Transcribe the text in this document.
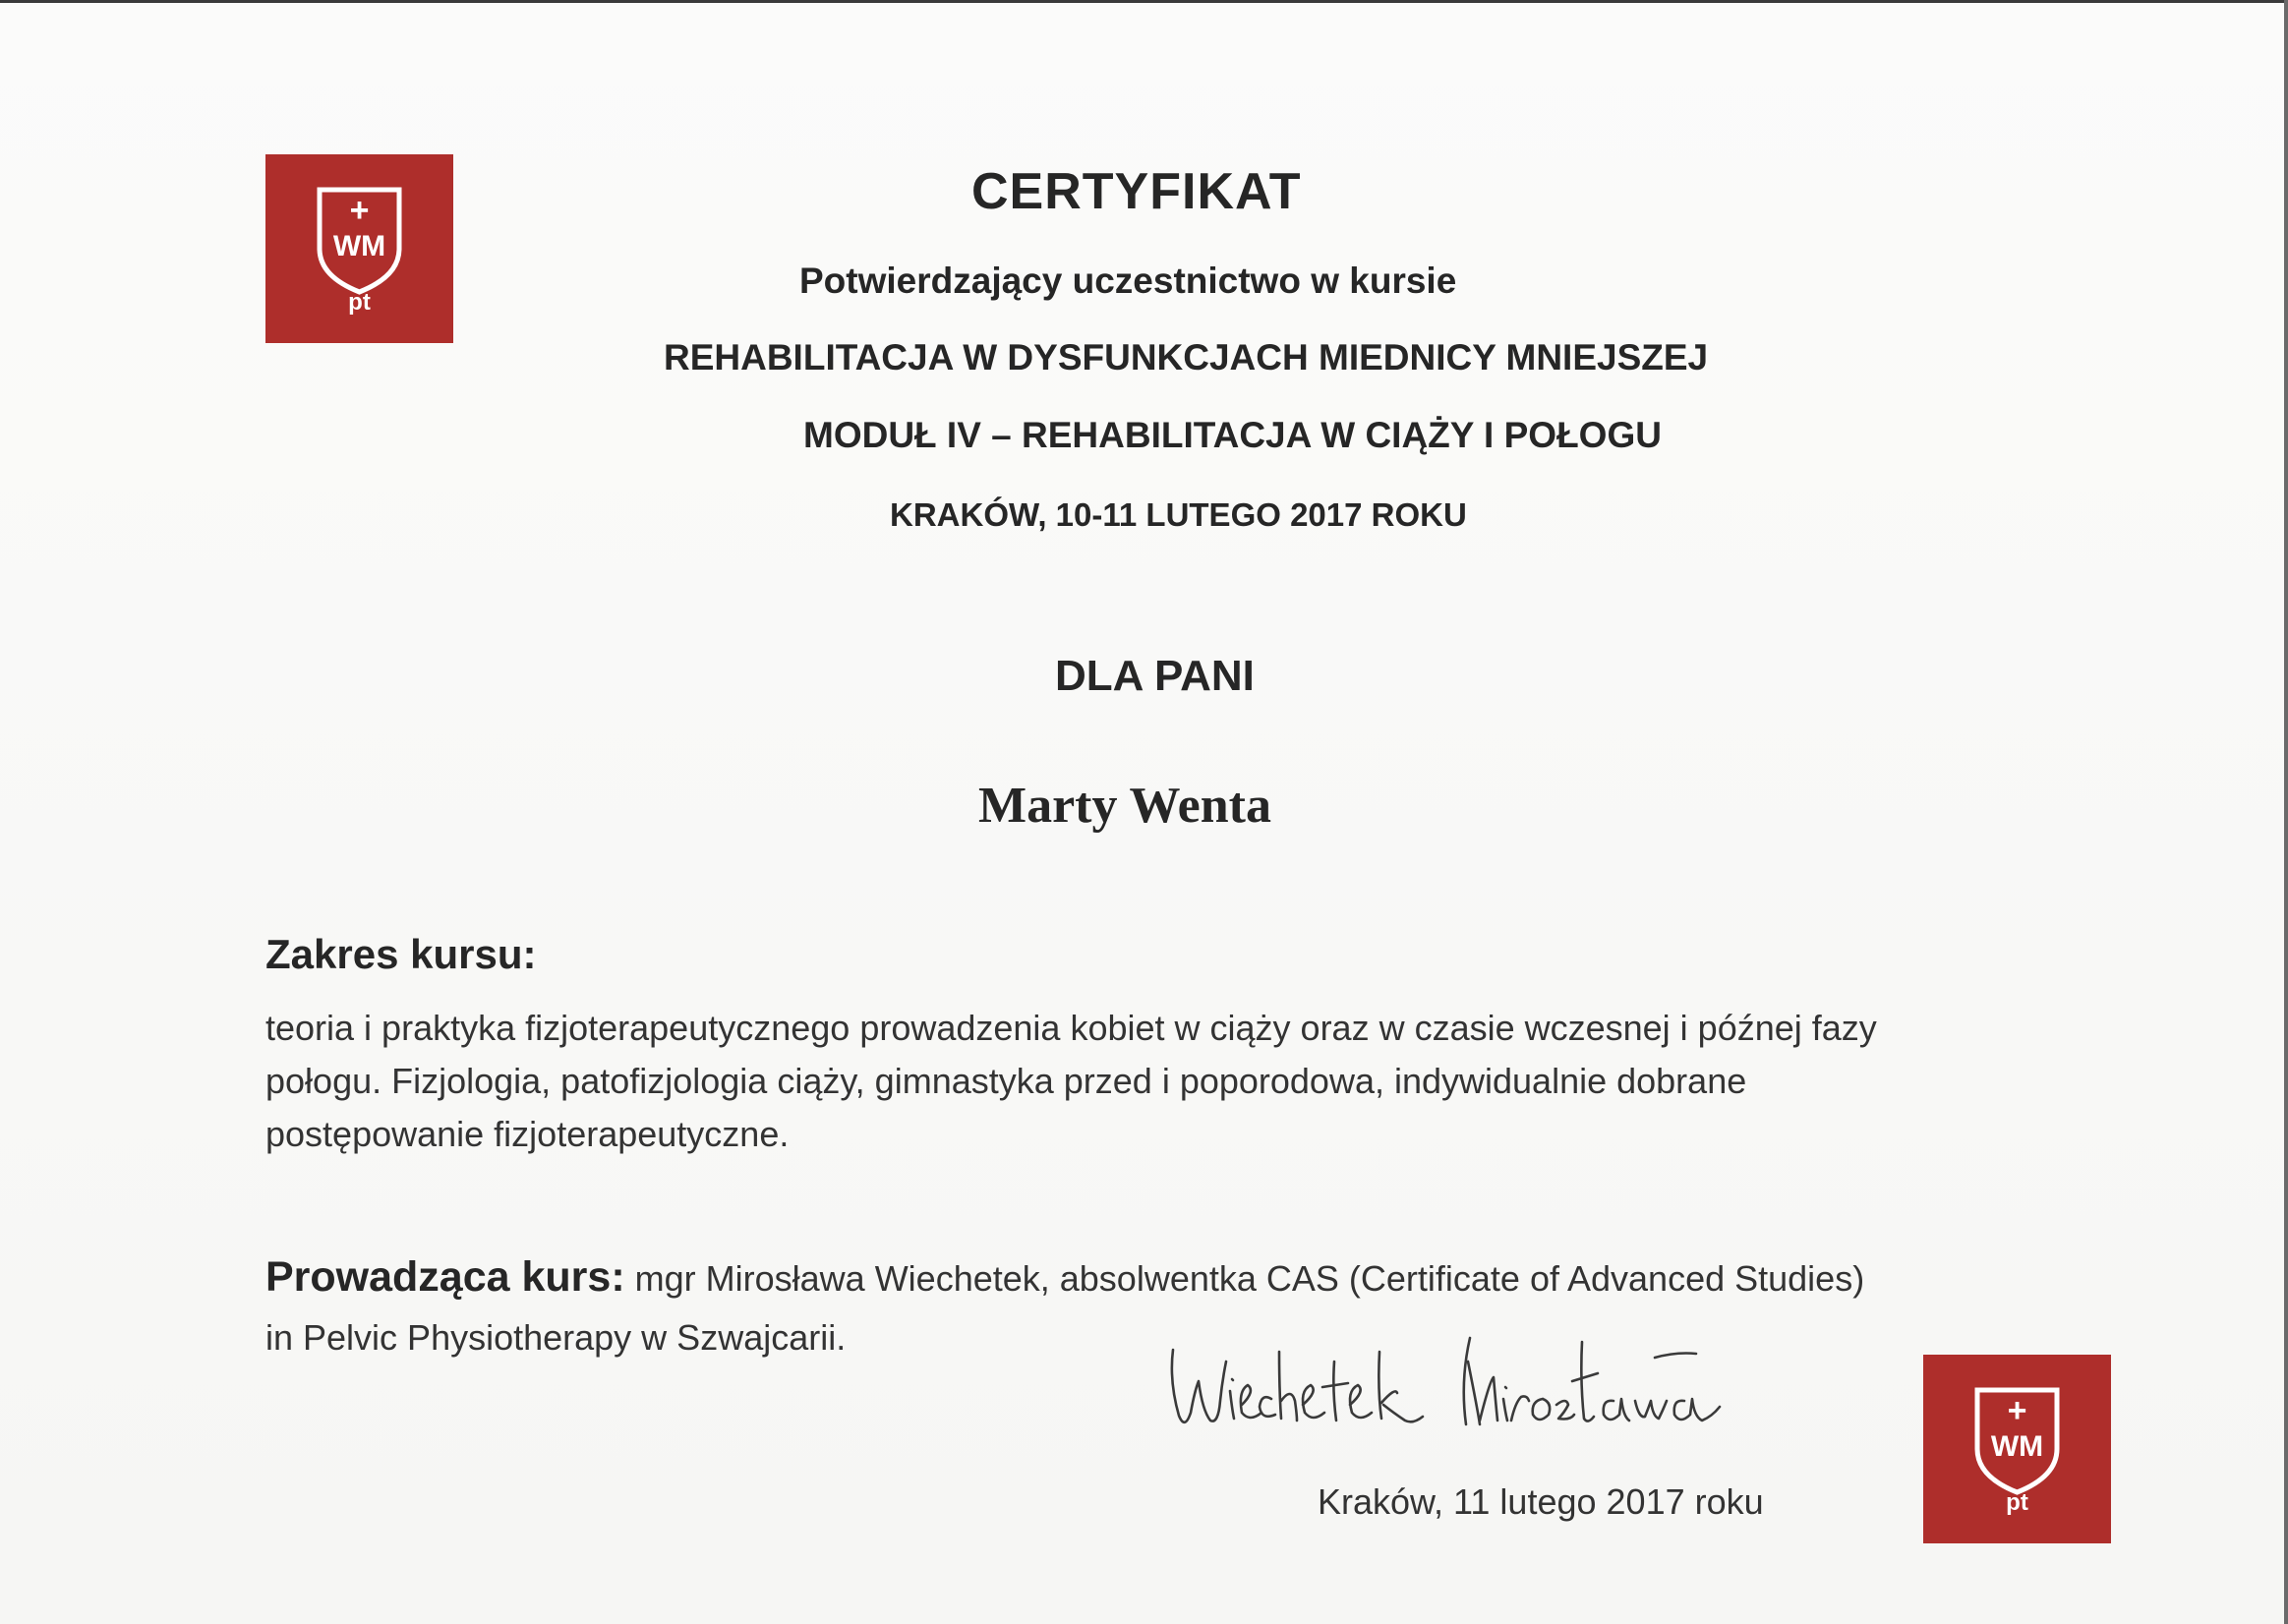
+
WM
pt
CERTYFIKAT
Potwierdzający uczestnictwo w kursie
REHABILITACJA W DYSFUNKCJACH MIEDNICY MNIEJSZEJ
MODUŁ IV – REHABILITACJA W CIĄŻY I POŁOGU
KRAKÓW, 10-11 LUTEGO 2017 ROKU
DLA PANI
Marty Wenta
Zakres kursu:
teoria i praktyka fizjoterapeutycznego prowadzenia kobiet w ciąży oraz w czasie wczesnej i późnej fazy
połogu. Fizjologia, patofizjologia ciąży, gimnastyka przed i poporodowa, indywidualnie dobrane
postępowanie fizjoterapeutyczne.
Prowadząca kurs: mgr Mirosława Wiechetek, absolwentka CAS (Certificate of Advanced Studies)
in Pelvic Physiotherapy w Szwajcarii.
Kraków, 11 lutego 2017 roku
+
WM
pt
